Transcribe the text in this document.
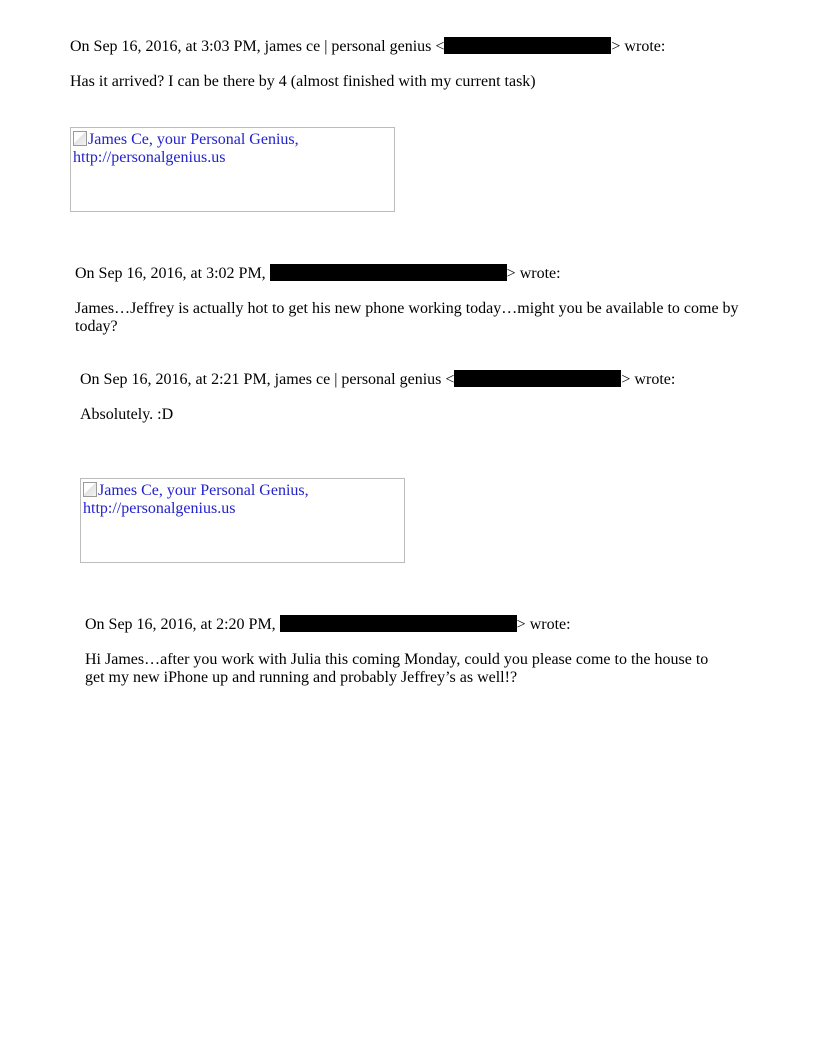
On Sep 16, 2016, at 3:03 PM, james ce | personal genius <	> wrote:
Has it arrived? I can be there by 4 (almost finished with my current task)
James Ce, your Personal Genius,
http://personalgenius.us
On Sep 16, 2016, at 3:02 PM,	> wrote:
James…Jeffrey is actually hot to get his new phone working today…might you be available to come by
today?
On Sep 16, 2016, at 2:21 PM, james ce | personal genius <	> wrote:
Absolutely. :D
James Ce, your Personal Genius,
http://personalgenius.us
On Sep 16, 2016, at 2:20 PM,	> wrote:
Hi James…after you work with Julia this coming Monday, could you please come to the house to
get my new iPhone up and running and probably Jeffrey’s as well!?
